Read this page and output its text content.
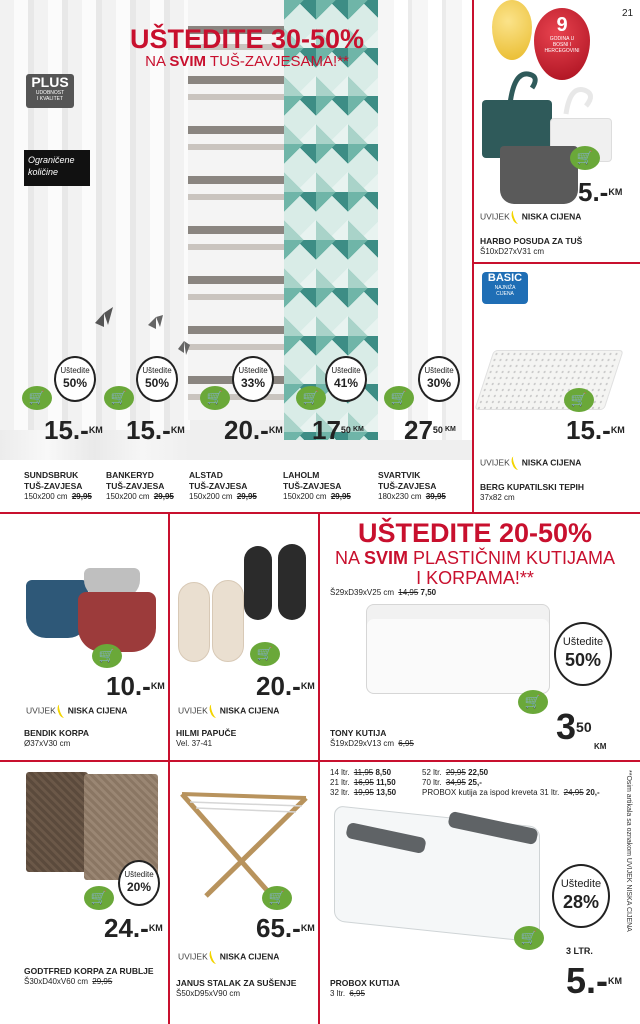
UŠTEDITE 30-50%
NA SVIM TUŠ-ZAVJESAMA!**
PLUS
UDOBNOST
I KVALITET
Ograničene
količine
Uštedite
50%
Uštedite
50%
Uštedite
33%
Uštedite
41%
Uštedite
30%
🛒	🛒	🛒	🛒	🛒
15.-$^{KM}$ 15.-$^{KM}$ 20.-$^{KM}$ $17^{50}$ $^{KM}$ $27^{50}$ $^{KM}$
SUNDSBRUK
TUŠ-ZAVJESA
150x200 cm 29,95
BANKERYD
TUŠ-ZAVJESA
150x200 cm 29,95
ALSTAD
TUŠ-ZAVJESA
150x200 cm 29,95
LAHOLM
TUŠ-ZAVJESA
150x200 cm 29,95
SVARTVIK
TUŠ-ZAVJESA
180x230 cm 39,95
21
9
GODINA U
BOSNI I
HERCEGOVINI
🛒
5.-$^{KM}$
UVIJEK NISKA CIJENA
HARBO POSUDA ZA TUŠ
Š10xD27xV31 cm
BASIC
NAJNIŽA
CIJENA
🛒
15.-$^{KM}$
UVIJEK NISKA CIJENA
BERG KUPATILSKI TEPIH
37x82 cm
🛒
10.-$^{KM}$
UVIJEK NISKA CIJENA
BENDIK KORPA
Ø37xV30 cm
🛒
20.-$^{KM}$
UVIJEK NISKA CIJENA
HILMI PAPUČE
Vel. 37-41
UŠTEDITE 20-50%
NA SVIM PLASTIČNIM KUTIJAMA
I KORPAMA!**
Š29xD39xV25 cm 14,95 7,50
Uštedite
50%
🛒
$3^{50}$
KM
TONY KUTIJA
Š19xD29xV13 cm 6,95
14 ltr. 11,95 8,50
21 ltr. 16,95 11,50
32 ltr. 19,95 13,50
52 ltr. 29,95 22,50
70 ltr. 34,95 25,-
PROBOX kutija za ispod kreveta 31 ltr. 24,95 20,-
Uštedite
28%
🛒
3 LTR.
5.-$^{KM}$
PROBOX KUTIJA
3 ltr. 6,95
Uštedite
20%
🛒
24.-$^{KM}$
GODTFRED KORPA ZA RUBLJE
Š30xD40xV60 cm 29,95
🛒
65.-$^{KM}$
UVIJEK NISKA CIJENA
JANUS STALAK ZA SUŠENJE
Š50xD95xV90 cm
**Osim artikala sa oznakom UVIJEK NISKA CIJENA
